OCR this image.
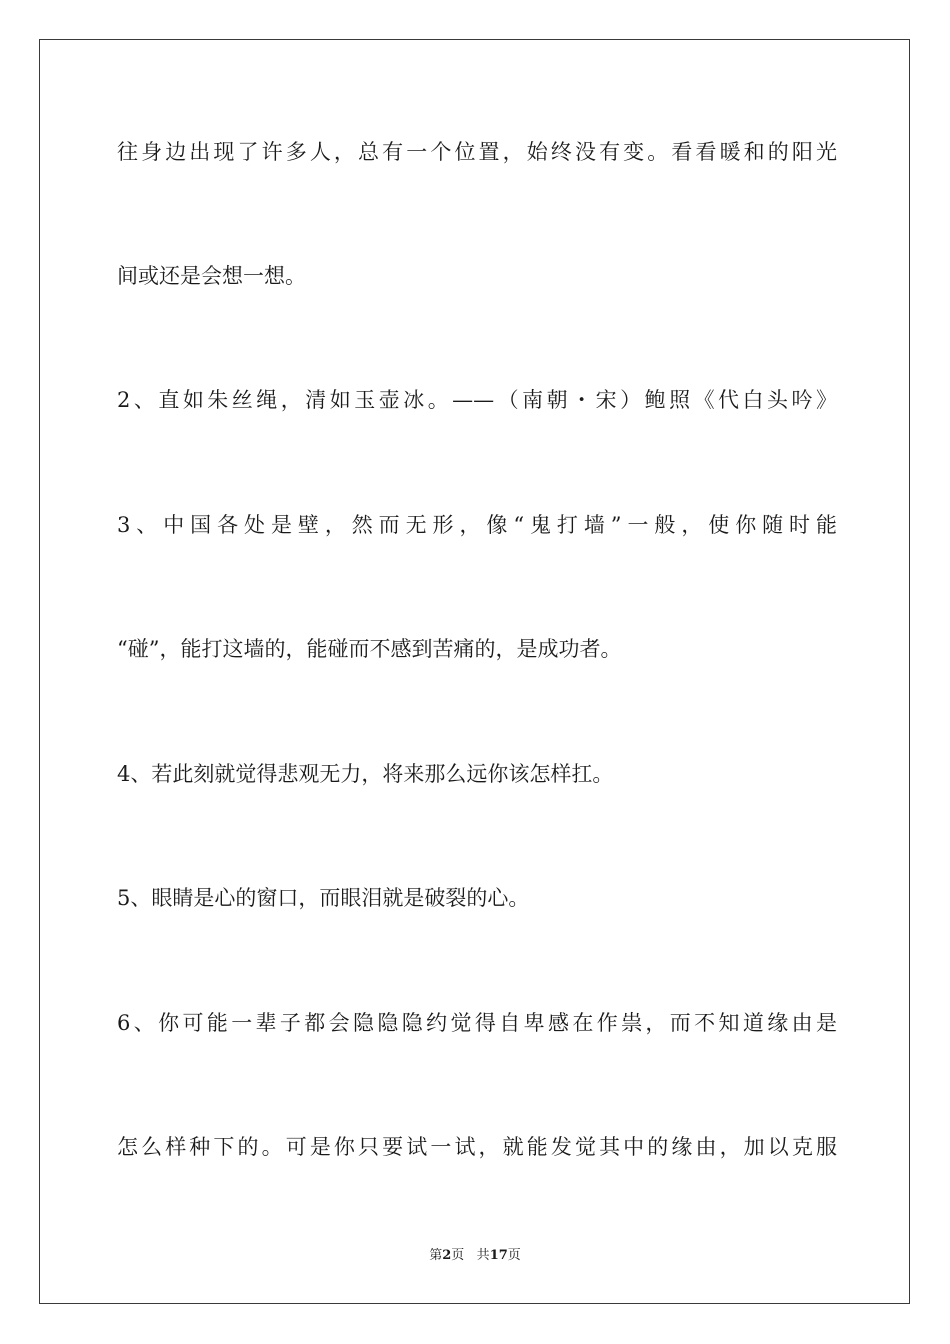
往身边出现了许多人，总有一个位置，始终没有变。看看暖和的阳光
间或还是会想一想。
2、直如朱丝绳，清如玉壶冰。——（南朝・宋）鲍照《代白头吟》
3、中国各处是壁，然而无形，像“鬼打墙”一般，使你随时能
“碰”，能打这墙的，能碰而不感到苦痛的，是成功者。
4、若此刻就觉得悲观无力，将来那么远你该怎样扛。
5、眼睛是心的窗口，而眼泪就是破裂的心。
6、你可能一辈子都会隐隐隐约觉得自卑感在作祟，而不知道缘由是
怎么样种下的。可是你只要试一试，就能发觉其中的缘由，加以克服
第2页 共17页
